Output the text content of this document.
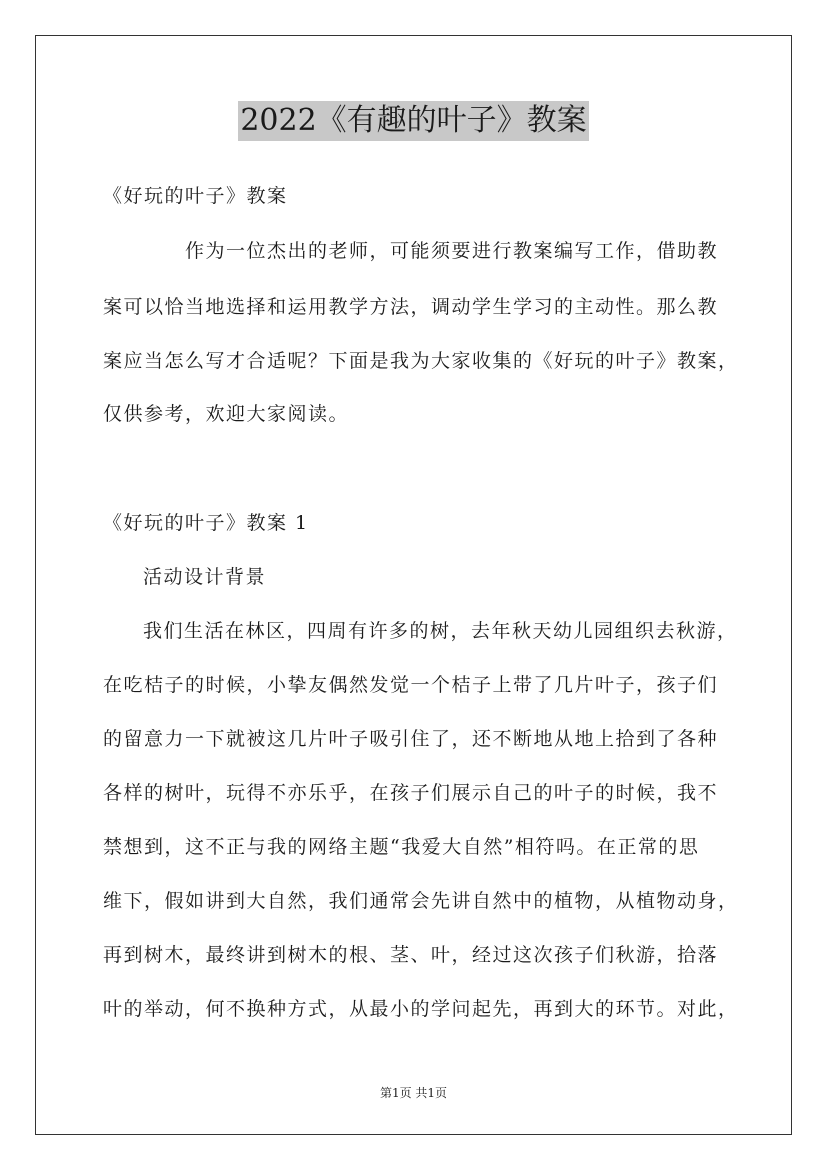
2022《有趣的叶子》教案
《好玩的叶子》教案
作为一位杰出的老师，可能须要进行教案编写工作，借助教
案可以恰当地选择和运用教学方法，调动学生学习的主动性。那么教
案应当怎么写才合适呢？下面是我为大家收集的《好玩的叶子》教案，
仅供参考，欢迎大家阅读。
《好玩的叶子》教案 1
活动设计背景
我们生活在林区，四周有许多的树，去年秋天幼儿园组织去秋游，
在吃桔子的时候，小挚友偶然发觉一个桔子上带了几片叶子，孩子们
的留意力一下就被这几片叶子吸引住了，还不断地从地上拾到了各种
各样的树叶，玩得不亦乐乎，在孩子们展示自己的叶子的时候，我不
禁想到，这不正与我的网络主题“我爱大自然”相符吗。在正常的思
维下，假如讲到大自然，我们通常会先讲自然中的植物，从植物动身，
再到树木，最终讲到树木的根、茎、叶，经过这次孩子们秋游，拾落
叶的举动，何不换种方式，从最小的学问起先，再到大的环节。对此，
第1页 共1页
